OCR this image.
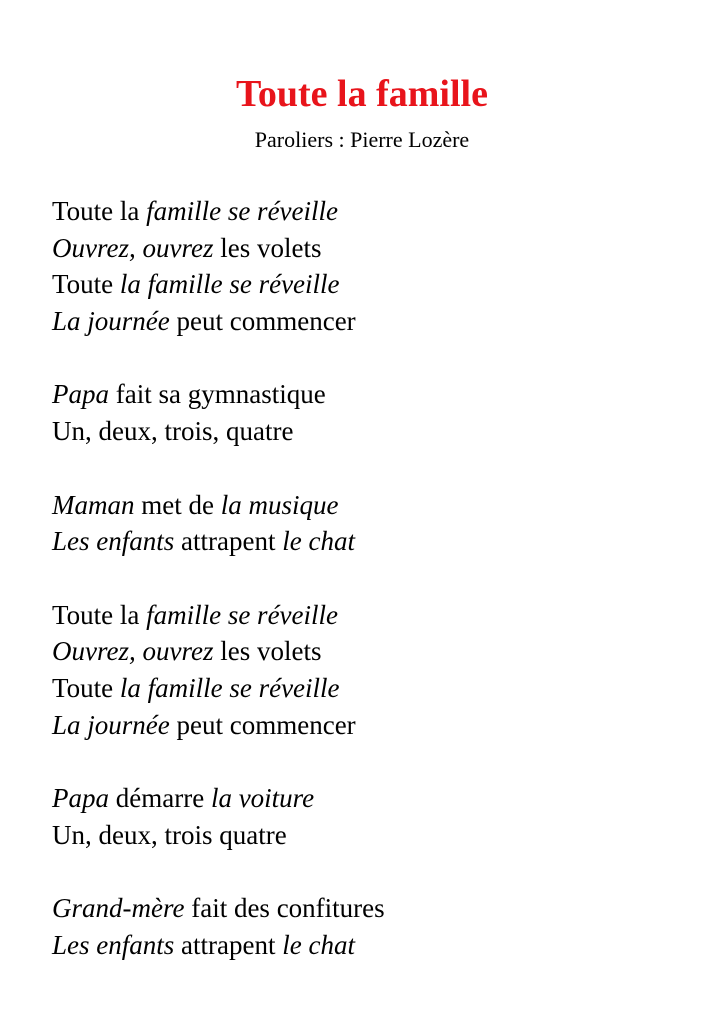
Toute la famille
Paroliers : Pierre Lozère
Toute la famille se réveille
Ouvrez, ouvrez les volets
Toute la famille se réveille
La journée peut commencer
Papa fait sa gymnastique
Un, deux, trois, quatre
Maman met de la musique
Les enfants attrapent le chat
Toute la famille se réveille
Ouvrez, ouvrez les volets
Toute la famille se réveille
La journée peut commencer
Papa démarre la voiture
Un, deux, trois quatre
Grand-mère fait des confitures
Les enfants attrapent le chat
